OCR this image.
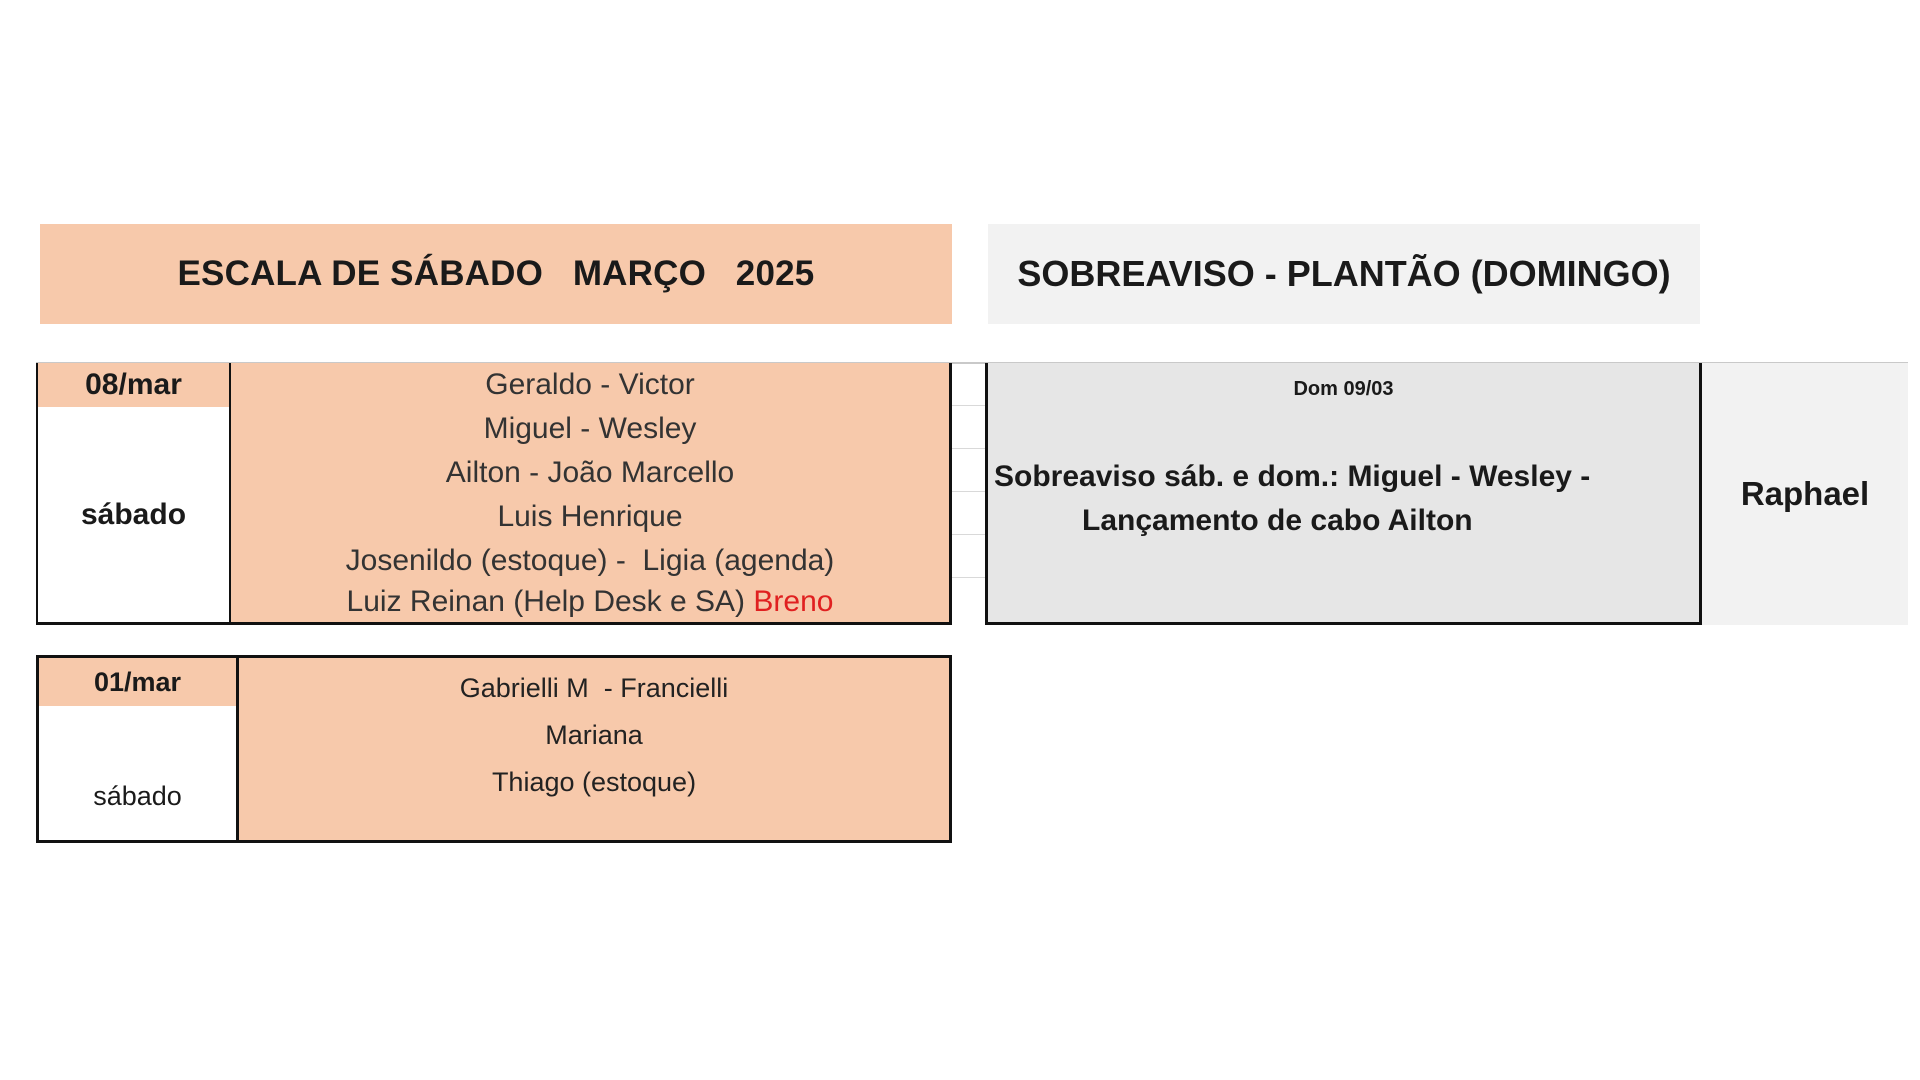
ESCALA DE SÁBADO   MARÇO   2025	SOBREAVISO - PLANTÃO (DOMINGO)
08/mar
sábado
Geraldo - Victor
Miguel - Wesley
Ailton - João Marcello
Luis Henrique
Josenildo (estoque) -  Ligia (agenda)
Luiz Reinan (Help Desk e SA) Breno
Dom 09/03
Sobreaviso sáb. e dom.: Miguel - Wesley -
Lançamento de cabo Ailton
Raphael
01/mar
sábado
Gabrielli M  - Francielli
Mariana
Thiago (estoque)
